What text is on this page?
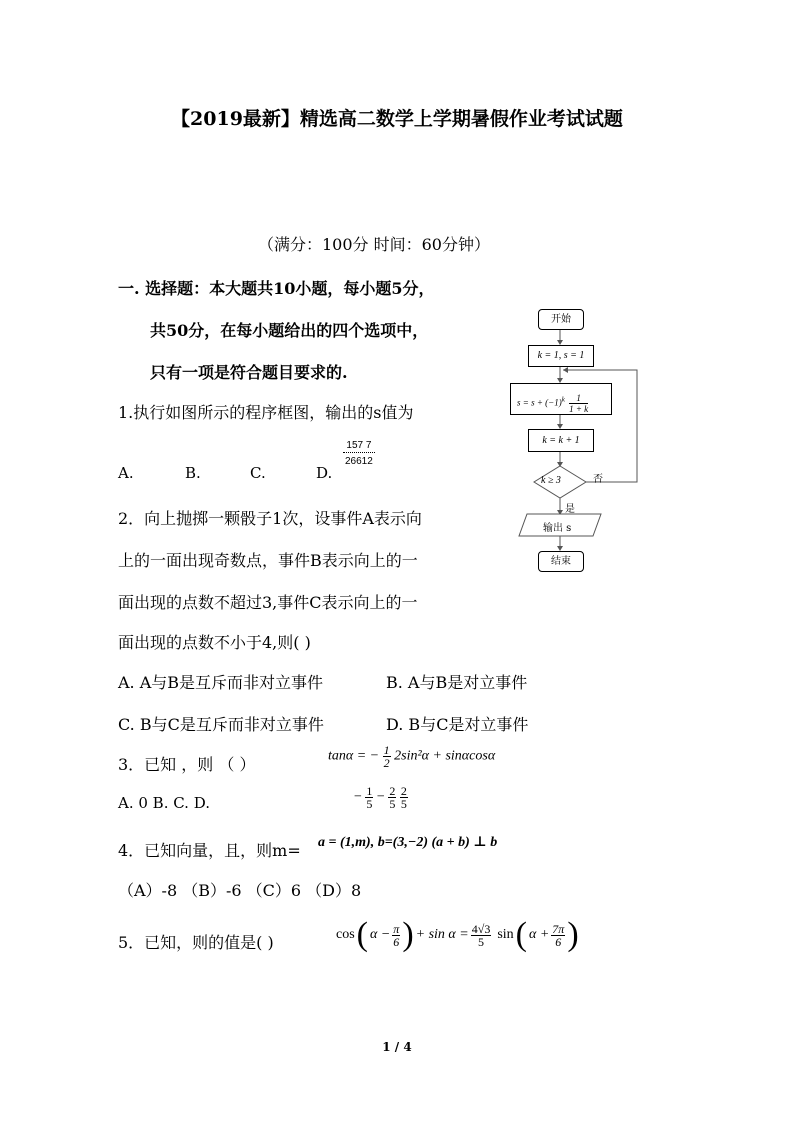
【2019最新】精选高二数学上学期暑假作业考试试题
（满分：100分 时间：60分钟）
一. 选择题：本大题共10小题，每小题5分，
共50分，在每小题给出的四个选项中，
只有一项是符合题目要求的.
1.执行如图所示的程序框图，输出的s值为
157 7
26612
A.	B.	C.	D.
开始
k = 1, s = 1
$s = s + (-1)^k \frac{1}{1 + k}$
k = k + 1
k ≥ 3	否
是
输出 s
结束
2．向上抛掷一颗骰子1次，设事件A表示向
上的一面出现奇数点，事件B表示向上的一
面出现的点数不超过3,事件C表示向上的一
面出现的点数不小于4,则( )
A. A与B是互斥而非对立事件	B. A与B是对立事件
C. B与C是互斥而非对立事件	D. B与C是对立事件
3．已知 ，则 （ ）	tanα = − $\frac{1}{2} 2\sin^2\alpha + \sin\alpha\cos\alpha$
A. 0 B. C. D.	− $\frac{1}{5} - \frac{2}{5}$
$\frac{2}{5}$
4．已知向量，且，则m= a = (1,m), b=(3,−2) (a + b) ⊥ b
（A）-8 （B）-6 （C）6 （D）8
5．已知，则的值是( )	cos ( $\alpha - \frac{\pi}{6}$ ) + $\sin \alpha = \frac{4√3}{5}$ sin ( $\alpha + \frac{7\pi}{6}$ )
1 / 4
